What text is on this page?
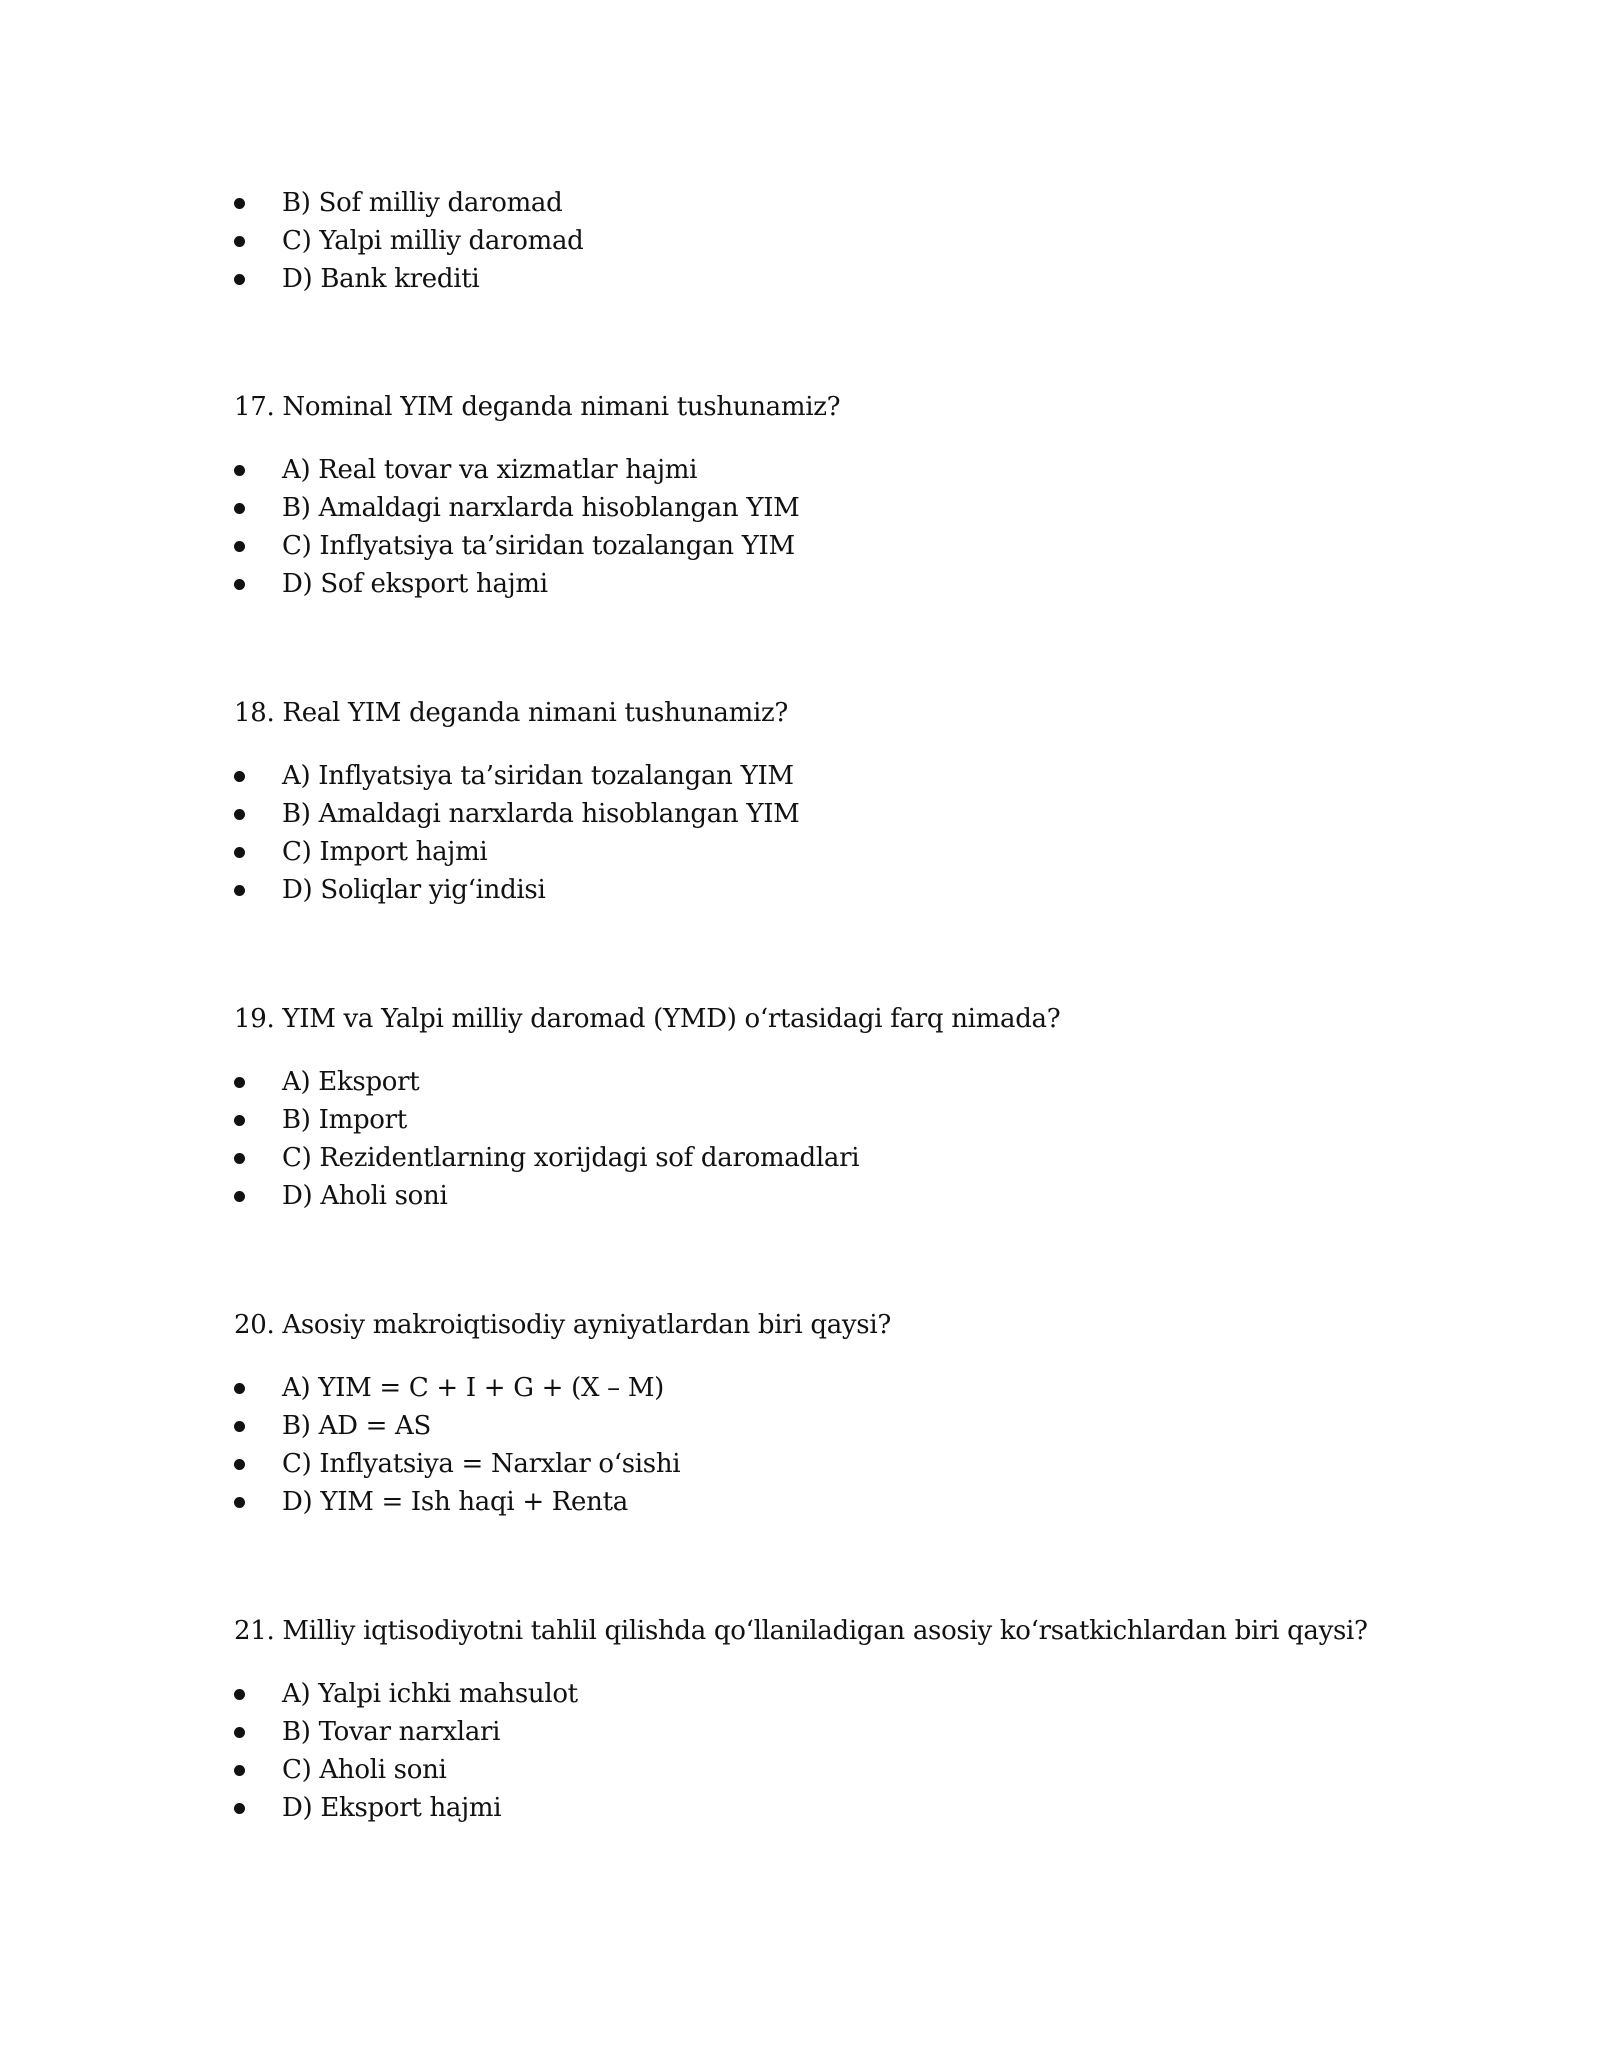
B) Sof milliy daromad
C) Yalpi milliy daromad
D) Bank krediti
17. Nominal YIM deganda nimani tushunamiz?
A) Real tovar va xizmatlar hajmi
B) Amaldagi narxlarda hisoblangan YIM
C) Inflyatsiya ta’siridan tozalangan YIM
D) Sof eksport hajmi
18. Real YIM deganda nimani tushunamiz?
A) Inflyatsiya ta’siridan tozalangan YIM
B) Amaldagi narxlarda hisoblangan YIM
C) Import hajmi
D) Soliqlar yig‘indisi
19. YIM va Yalpi milliy daromad (YMD) o‘rtasidagi farq nimada?
A) Eksport
B) Import
C) Rezidentlarning xorijdagi sof daromadlari
D) Aholi soni
20. Asosiy makroiqtisodiy ayniyatlardan biri qaysi?
A) YIM = C + I + G + (X – M)
B) AD = AS
C) Inflyatsiya = Narxlar o‘sishi
D) YIM = Ish haqi + Renta
21. Milliy iqtisodiyotni tahlil qilishda qo‘llaniladigan asosiy ko‘rsatkichlardan biri qaysi?
A) Yalpi ichki mahsulot
B) Tovar narxlari
C) Aholi soni
D) Eksport hajmi
